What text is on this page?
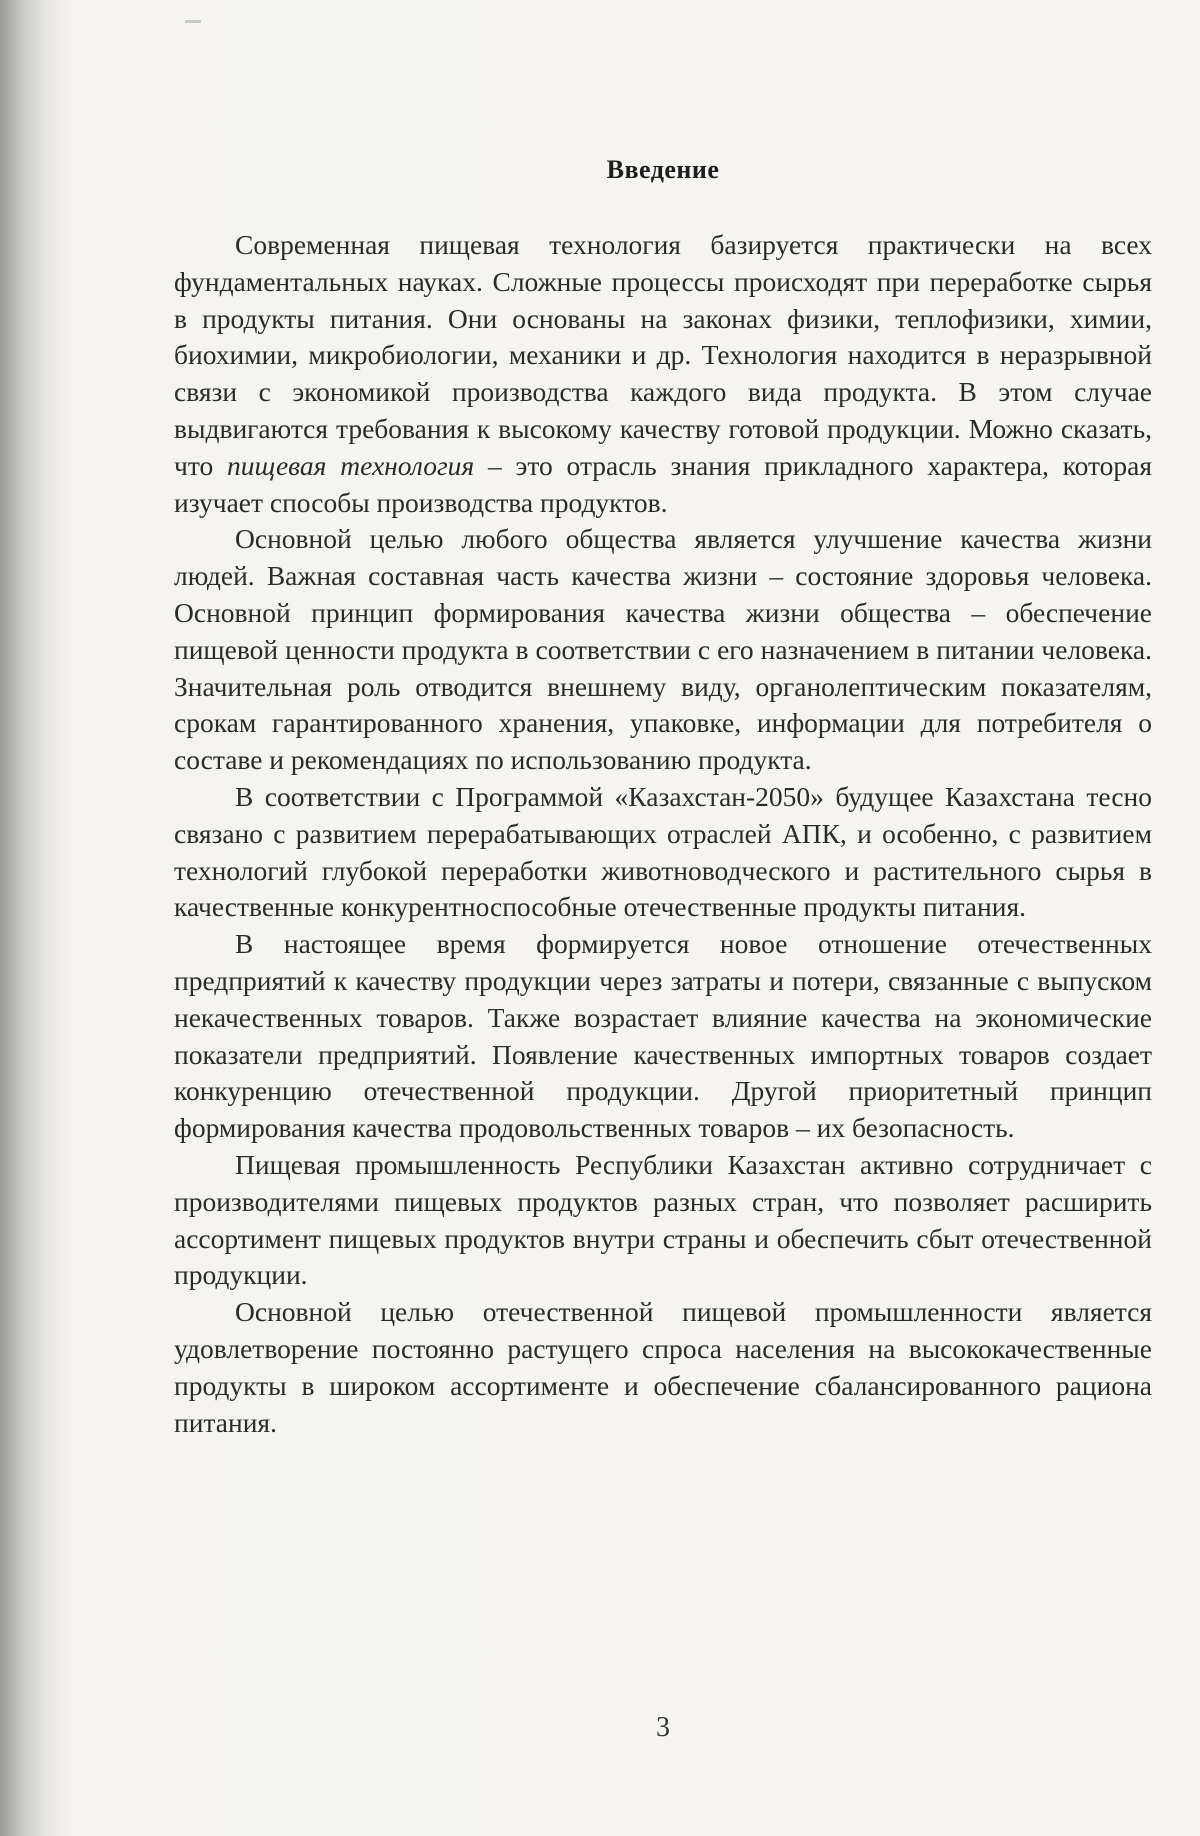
Введение

Современная пищевая технология базируется практически на всех фундаментальных науках. Сложные процессы происходят при переработке сырья в продукты питания. Они основаны на законах физики, теплофизики, химии, биохимии, микробиологии, механики и др. Технология находится в неразрывной связи с экономикой производства каждого вида продукта. В этом случае выдвигаются требования к высокому качеству готовой продукции. Можно сказать, что пищевая технология – это отрасль знания прикладного характера, которая изучает способы производства продуктов.

Основной целью любого общества является улучшение качества жизни людей. Важная составная часть качества жизни – состояние здоровья человека. Основной принцип формирования качества жизни общества – обеспечение пищевой ценности продукта в соответствии с его назначением в питании человека. Значительная роль отводится внешнему виду, органолептическим показателям, срокам гарантированного хранения, упаковке, информации для потребителя о составе и рекомендациях по использованию продукта.

В соответствии с Программой «Казахстан-2050» будущее Казахстана тесно связано с развитием перерабатывающих отраслей АПК, и особенно, с развитием технологий глубокой переработки животноводческого и растительного сырья в качественные конкурентноспособные отечественные продукты питания.

В настоящее время формируется новое отношение отечественных предприятий к качеству продукции через затраты и потери, связанные с выпуском некачественных товаров. Также возрастает влияние качества на экономические показатели предприятий. Появление качественных импортных товаров создает конкуренцию отечественной продукции. Другой приоритетный принцип формирования качества продовольственных товаров – их безопасность.

Пищевая промышленность Республики Казахстан активно сотрудничает с производителями пищевых продуктов разных стран, что позволяет расширить ассортимент пищевых продуктов внутри страны и обеспечить сбыт отечественной продукции.

Основной целью отечественной пищевой промышленности является удовлетворение постоянно растущего спроса населения на высококачественные продукты в широком ассортименте и обеспечение сбалансированного рациона питания.

3
